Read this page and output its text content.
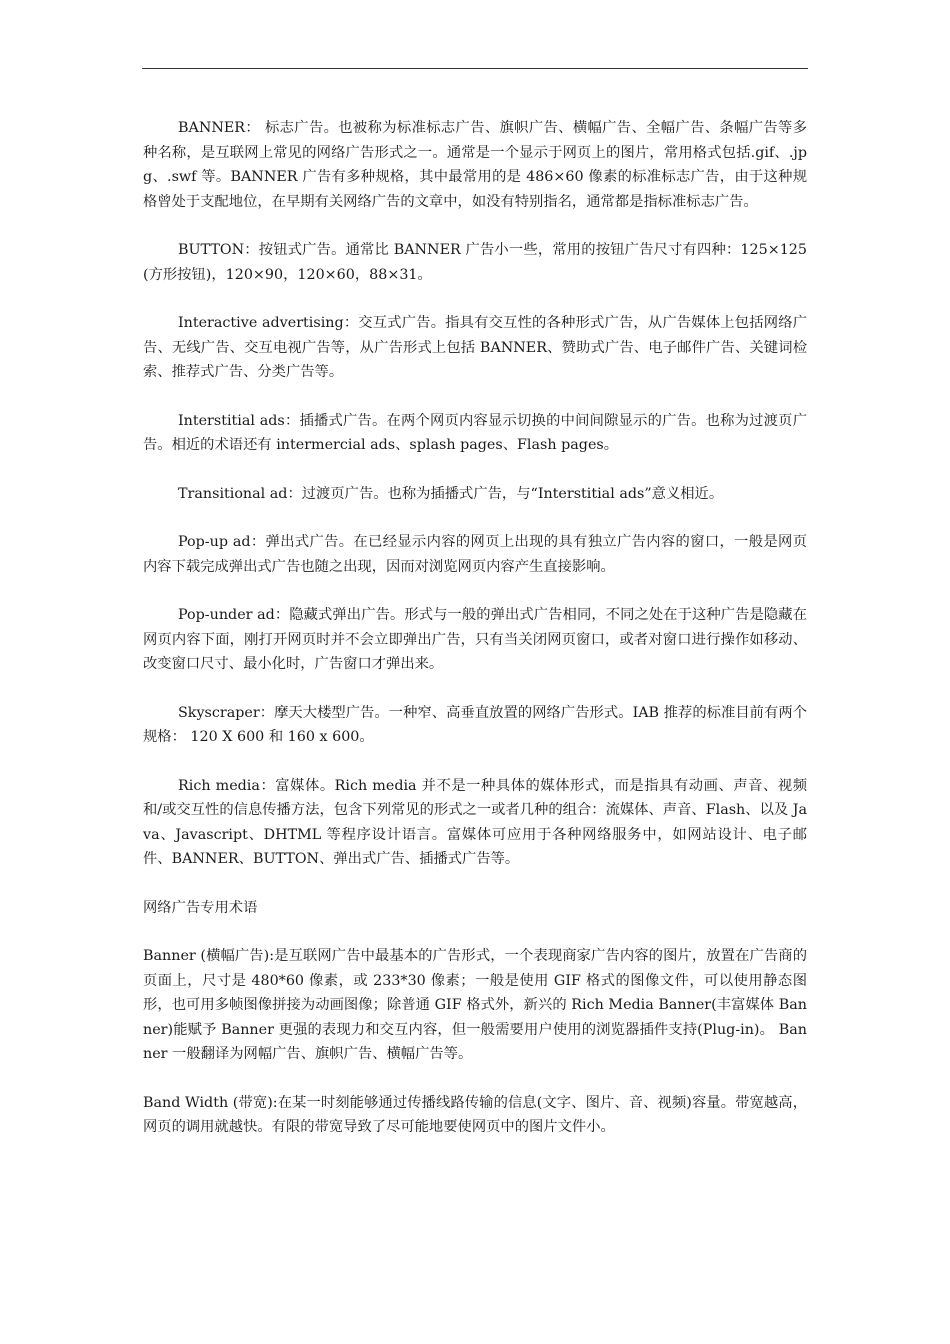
BANNER： 标志广告。也被称为标准标志广告、旗帜广告、横幅广告、全幅广告、条幅广告等多种名称，是互联网上常见的网络广告形式之一。通常是一个显示于网页上的图片，常用格式包括.gif、.jpg、.swf 等。BANNER 广告有多种规格，其中最常用的是 486×60 像素的标准标志广告，由于这种规格曾处于支配地位，在早期有关网络广告的文章中，如没有特别指名，通常都是指标准标志广告。

BUTTON：按钮式广告。通常比 BANNER 广告小一些，常用的按钮广告尺寸有四种：125×125(方形按钮)，120×90，120×60，88×31。

Interactive advertising：交互式广告。指具有交互性的各种形式广告，从广告媒体上包括网络广告、无线广告、交互电视广告等，从广告形式上包括 BANNER、赞助式广告、电子邮件广告、关键词检索、推荐式广告、分类广告等。

Interstitial ads：插播式广告。在两个网页内容显示切换的中间间隙显示的广告。也称为过渡页广告。相近的术语还有 intermercial ads、splash pages、Flash pages。

Transitional ad：过渡页广告。也称为插播式广告，与“Interstitial ads”意义相近。

Pop-up ad：弹出式广告。在已经显示内容的网页上出现的具有独立广告内容的窗口，一般是网页内容下载完成弹出式广告也随之出现，因而对浏览网页内容产生直接影响。

Pop-under ad：隐藏式弹出广告。形式与一般的弹出式广告相同，不同之处在于这种广告是隐藏在网页内容下面，刚打开网页时并不会立即弹出广告，只有当关闭网页窗口，或者对窗口进行操作如移动、改变窗口尺寸、最小化时，广告窗口才弹出来。

Skyscraper：摩天大楼型广告。一种窄、高垂直放置的网络广告形式。IAB 推荐的标准目前有两个规格： 120 X 600 和 160 x 600。

Rich media：富媒体。Rich media 并不是一种具体的媒体形式，而是指具有动画、声音、视频和/或交互性的信息传播方法，包含下列常见的形式之一或者几种的组合：流媒体、声音、Flash、以及 Java、Javascript、DHTML 等程序设计语言。富媒体可应用于各种网络服务中，如网站设计、电子邮件、BANNER、BUTTON、弹出式广告、插播式广告等。

网络广告专用术语

Banner (横幅广告):是互联网广告中最基本的广告形式，一个表现商家广告内容的图片，放置在广告商的页面上，尺寸是 480*60 像素，或 233*30 像素；一般是使用 GIF 格式的图像文件，可以使用静态图形，也可用多帧图像拼接为动画图像；除普通 GIF 格式外，新兴的 Rich Media Banner(丰富媒体 Banner)能赋予 Banner 更强的表现力和交互内容，但一般需要用户使用的浏览器插件支持(Plug-in)。 Banner 一般翻译为网幅广告、旗帜广告、横幅广告等。

Band Width (带宽):在某一时刻能够通过传播线路传输的信息(文字、图片、音、视频)容量。带宽越高，网页的调用就越快。有限的带宽导致了尽可能地要使网页中的图片文件小。
